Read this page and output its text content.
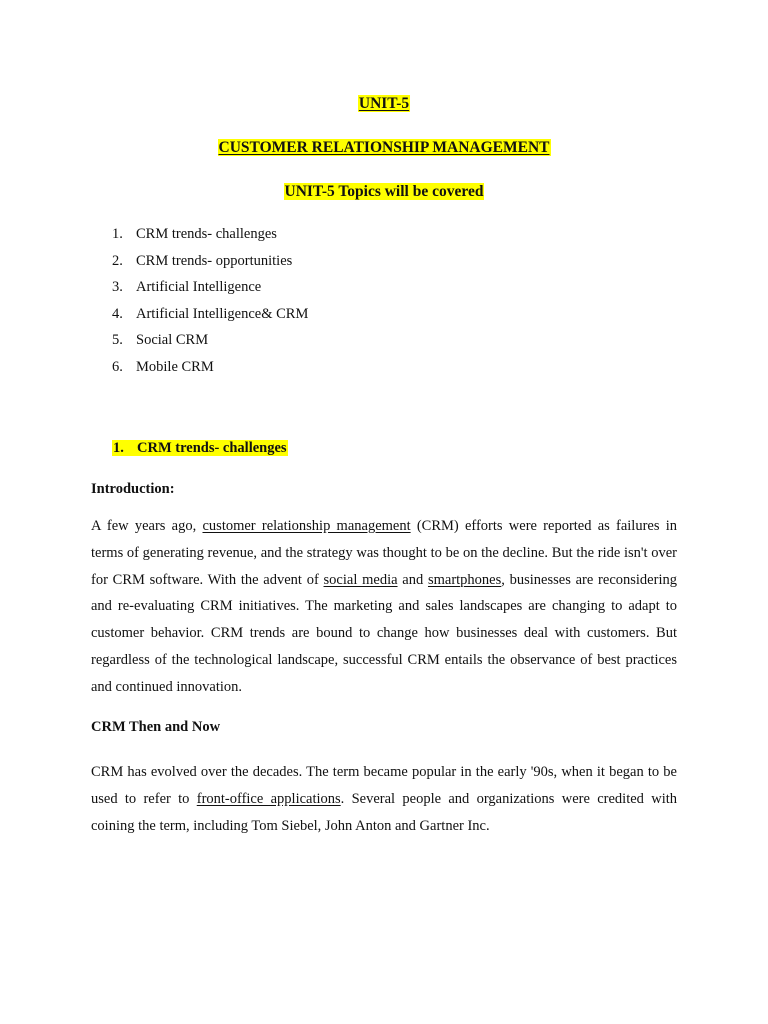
UNIT-5
CUSTOMER RELATIONSHIP MANAGEMENT
UNIT-5 Topics will be covered
1. CRM trends- challenges
2. CRM trends- opportunities
3. Artificial Intelligence
4. Artificial Intelligence& CRM
5. Social CRM
6. Mobile CRM
1. CRM trends- challenges
Introduction:

A few years ago, customer relationship management (CRM) efforts were reported as failures in terms of generating revenue, and the strategy was thought to be on the decline. But the ride isn't over for CRM software. With the advent of social media and smartphones, businesses are reconsidering and re-evaluating CRM initiatives. The marketing and sales landscapes are changing to adapt to customer behavior. CRM trends are bound to change how businesses deal with customers. But regardless of the technological landscape, successful CRM entails the observance of best practices and continued innovation.

CRM Then and Now

CRM has evolved over the decades. The term became popular in the early '90s, when it began to be used to refer to front-office applications. Several people and organizations were credited with coining the term, including Tom Siebel, John Anton and Gartner Inc.
